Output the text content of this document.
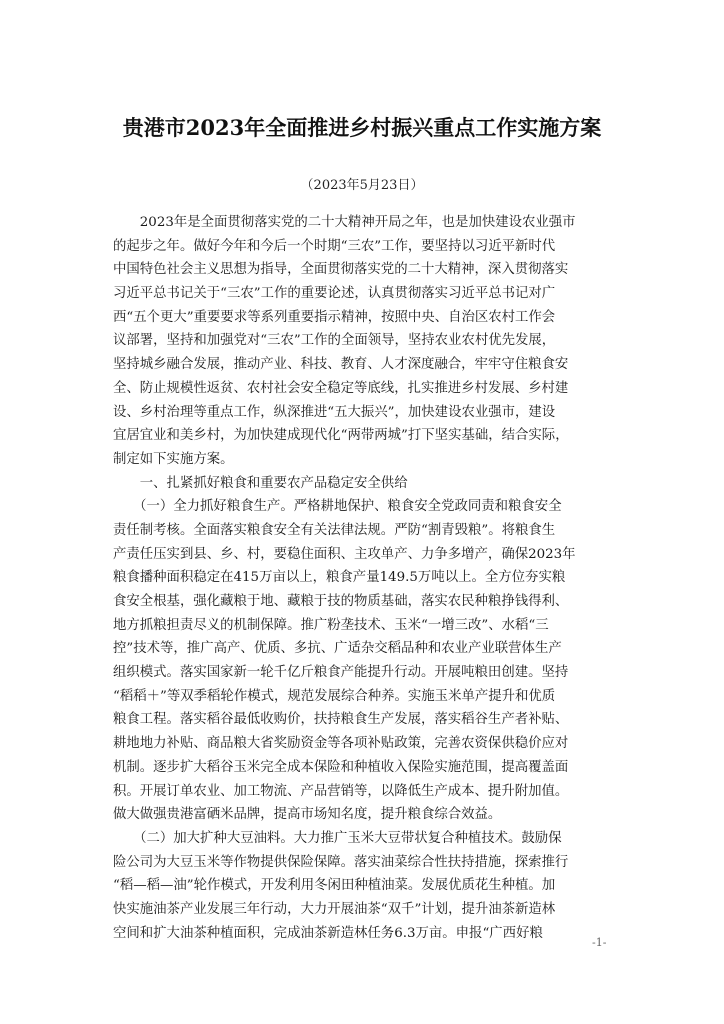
贵港市2023年全面推进乡村振兴重点工作实施方案
（2023年5月23日）
　　2023年是全面贯彻落实党的二十大精神开局之年，也是加快建设农业强市
的起步之年。做好今年和今后一个时期“三农”工作，要坚持以习近平新时代
中国特色社会主义思想为指导，全面贯彻落实党的二十大精神，深入贯彻落实
习近平总书记关于“三农”工作的重要论述，认真贯彻落实习近平总书记对广
西“五个更大”重要要求等系列重要指示精神，按照中央、自治区农村工作会
议部署，坚持和加强党对“三农”工作的全面领导，坚持农业农村优先发展，
坚持城乡融合发展，推动产业、科技、教育、人才深度融合，牢牢守住粮食安
全、防止规模性返贫、农村社会安全稳定等底线，扎实推进乡村发展、乡村建
设、乡村治理等重点工作，纵深推进“五大振兴”，加快建设农业强市，建设
宜居宜业和美乡村，为加快建成现代化“两带两城”打下坚实基础，结合实际，
制定如下实施方案。
　　一、扎紧抓好粮食和重要农产品稳定安全供给
　　（一）全力抓好粮食生产。严格耕地保护、粮食安全党政同责和粮食安全
责任制考核。全面落实粮食安全有关法律法规。严防“割青毁粮”。将粮食生
产责任压实到县、乡、村，要稳住面积、主攻单产、力争多增产，确保2023年
粮食播种面积稳定在415万亩以上，粮食产量149.5万吨以上。全方位夯实粮
食安全根基，强化藏粮于地、藏粮于技的物质基础，落实农民种粮挣钱得利、
地方抓粮担责尽义的机制保障。推广粉垄技术、玉米“一增三改”、水稻“三
控”技术等，推广高产、优质、多抗、广适杂交稻品种和农业产业联营体生产
组织模式。落实国家新一轮千亿斤粮食产能提升行动。开展吨粮田创建。坚持
“稻稻＋”等双季稻轮作模式，规范发展综合种养。实施玉米单产提升和优质
粮食工程。落实稻谷最低收购价，扶持粮食生产发展，落实稻谷生产者补贴、
耕地地力补贴、商品粮大省奖励资金等各项补贴政策，完善农资保供稳价应对
机制。逐步扩大稻谷玉米完全成本保险和种植收入保险实施范围，提高覆盖面
积。开展订单农业、加工物流、产品营销等，以降低生产成本、提升附加值。
做大做强贵港富硒米品牌，提高市场知名度，提升粮食综合效益。
　　（二）加大扩种大豆油料。大力推广玉米大豆带状复合种植技术。鼓励保
险公司为大豆玉米等作物提供保险保障。落实油菜综合性扶持措施，探索推行
“稻—稻—油”轮作模式，开发利用冬闲田种植油菜。发展优质花生种植。加
快实施油茶产业发展三年行动，大力开展油茶“双千”计划，提升油茶新造林
空间和扩大油茶种植面积，完成油茶新造林任务6.3万亩。申报“广西好粮
-1-
